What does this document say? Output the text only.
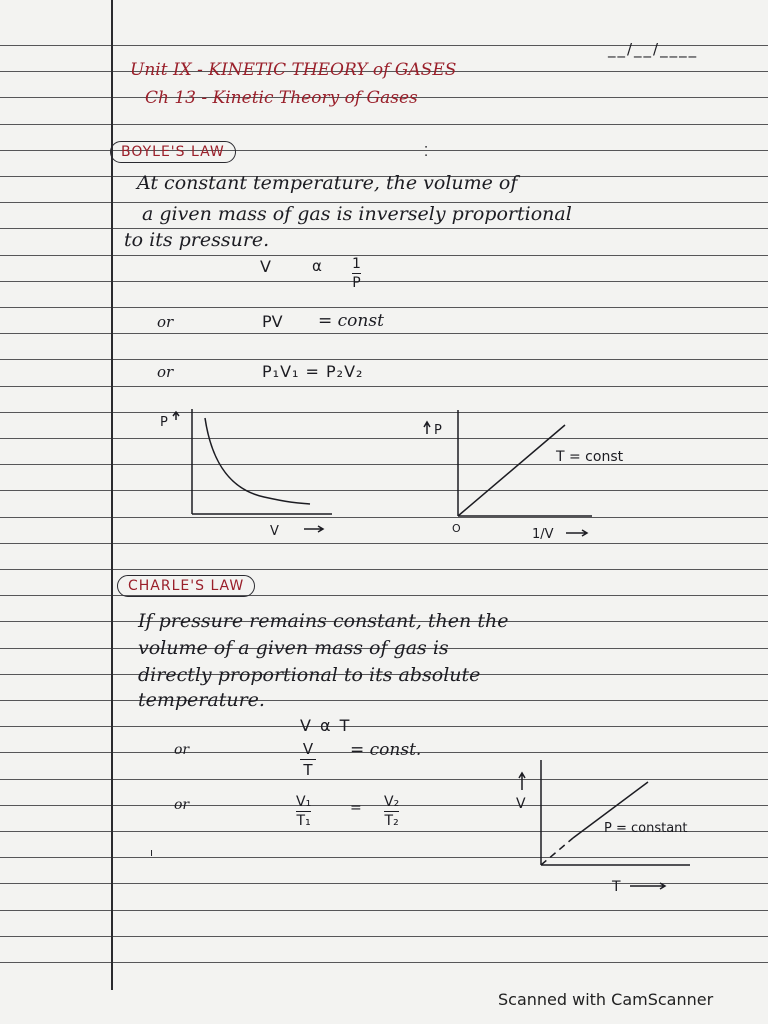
__/__/____
Unit IX - KINETIC THEORY of GASES
Ch 13 - Kinetic Theory of Gases
BOYLE'S LAW	⁚
At constant temperature, the volume of
a given mass of gas is inversely proportional
to its pressure.
V	α 1
P
or	PV = const
or	P₁V₁ = P₂V₂
P
V
P
O	1/V
T = const
CHARLE'S LAW
If pressure remains constant, then the
volume of a given mass of gas is
directly proportional to its absolute
temperature.
V α T
or	V
T
= const.
or	V₁
T₁
= V₂
T₂
ı
V
T
P = constant
Scanned with CamScanner
